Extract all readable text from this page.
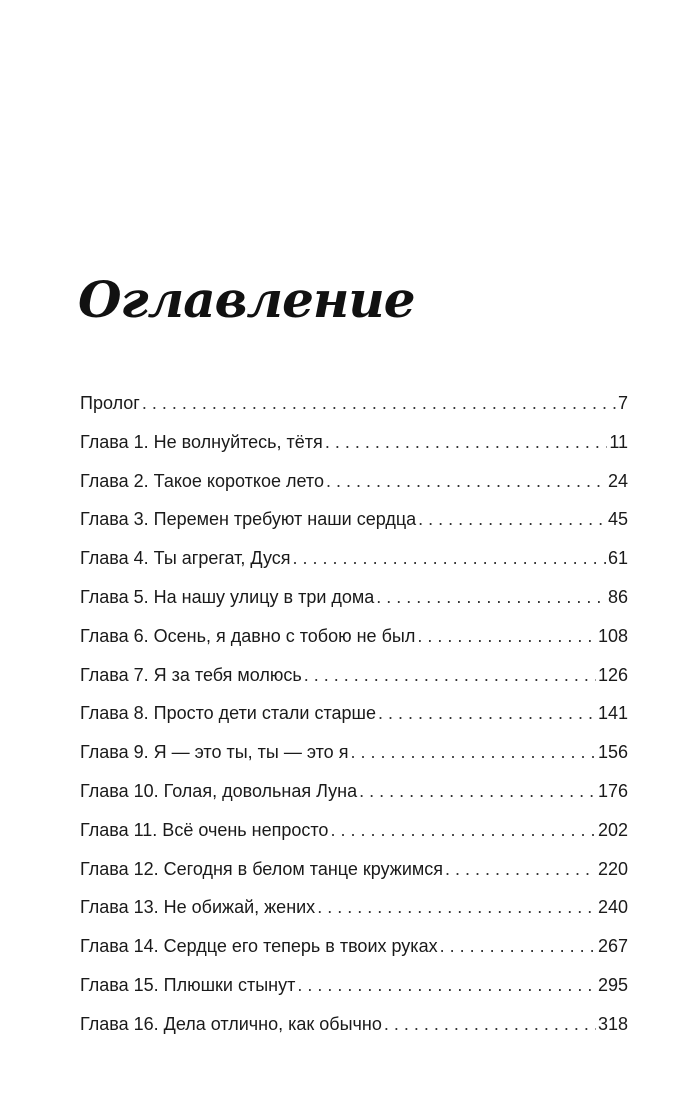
Оглавление
Пролог . . .	7
Глава 1. Не волнуйтесь, тётя . . .	11
Глава 2. Такое короткое лето . . .	24
Глава 3. Перемен требуют наши сердца . . .	45
Глава 4. Ты агрегат, Дуся . . .	61
Глава 5. На нашу улицу в три дома . . .	86
Глава 6. Осень, я давно с тобою не был . . .	108
Глава 7. Я за тебя молюсь . . .	126
Глава 8. Просто дети стали старше . . .	141
Глава 9. Я — это ты, ты — это я . . .	156
Глава 10. Голая, довольная Луна . . .	176
Глава 11. Всё очень непросто . . .	202
Глава 12. Сегодня в белом танце кружимся . . .	220
Глава 13. Не обижай, жених . . .	240
Глава 14. Сердце его теперь в твоих руках . . .	267
Глава 15. Плюшки стынут . . .	295
Глава 16. Дела отлично, как обычно . . .	318
